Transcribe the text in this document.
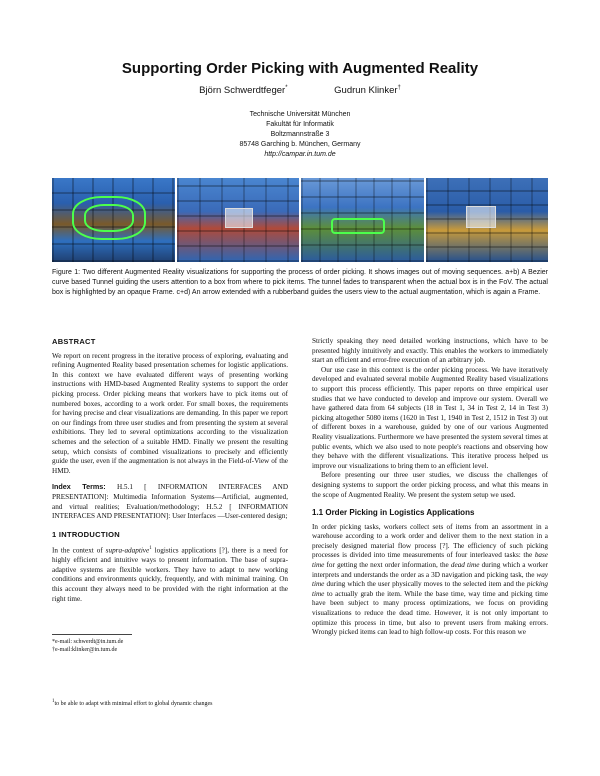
Supporting Order Picking with Augmented Reality
Björn Schwerdtfeger*	Gudrun Klinker†
Technische Universität München
Fakultät für Informatik
Boltzmannstraße 3
85748 Garching b. München, Germany
http://campar.in.tum.de
Figure 1: Two different Augmented Reality visualizations for supporting the process of order picking. It shows images out of moving sequences. a+b) A Bezier curve based Tunnel guiding the users attention to a box from where to pick items. The tunnel fades to transparent when the actual box is in the FoV. The actual box is highlighted by an opaque Frame. c+d) An arrow extended with a rubberband guides the users view to the actual augmentation, which is again a Frame.
ABSTRACT

We report on recent progress in the iterative process of exploring, evaluating and refining Augmented Reality based presentation schemes for logistic applications. In this context we have evaluated different ways of presenting working instructions with HMD-based Augmented Reality systems to support the order picking process. Order picking means that workers have to pick items out of numbered boxes, according to a work order. For small boxes, the requirements for having precise and clear visualizations are demanding. In this paper we report on our findings from three user studies and from presenting the system at several exhibitions. They led to several optimizations according to the visualization schemes and the selection of a suitable HMD. Finally we present the resulting setup, which consists of combined visualizations to precisely and efficiently guide the user, even if the augmentation is not always in the Field-of-View of the HMD.

Index Terms: H.5.1 [ INFORMATION INTERFACES AND PRESENTATION]: Multimedia Information Systems—Artificial, augmented, and virtual realities; Evaluation/methodology; H.5.2 [ INFORMATION INTERFACES AND PRESENTATION]: User Interfaces —User-centered design;

1 INTRODUCTION

In the context of supra-adaptive$^1$ logistics applications [?], there is a need for highly efficient and intuitive ways to present information. The base of supra-adaptive systems are flexible workers. They have to adapt to new working conditions and environments quickly, frequently, and with minimal training. On this account they always need to be provided with the right information at the right time.

*e-mail: schwerdt@in.tum.de
†e-mail:klinker@in.tum.de
$^1$to be able to adapt with minimal effort to global dynamic changes

Strictly speaking they need detailed working instructions, which have to be presented highly intuitively and exactly. This enables the workers to immediately start an efficient and error-free execution of an arbitrary job.

Our use case in this context is the order picking process. We have iteratively developed and evaluated several mobile Augmented Reality based visualizations to support this process efficiently. This paper reports on three empirical user studies that we have conducted to develop and improve our system. Overall we have gathered data from 64 subjects (18 in Test 1, 34 in Test 2, 14 in Test 3) picking altogether 5080 items (1620 in Test 1, 1940 in Test 2, 1512 in Test 3) out of different boxes in a warehouse, guided by one of our various Augmented Reality visualizations. Furthermore we have presented the system several times at public events, which we also used to note people's reactions and observing how they behave with the different visualizations. This iterative process helped us improve our visualizations to bring them to an efficient level.

Before presenting our three user studies, we discuss the challenges of designing systems to support the order picking process, and what this means in the scope of Augmented Reality. We present the system setup we used.

1.1 Order Picking in Logistics Applications

In order picking tasks, workers collect sets of items from an assortment in a warehouse according to a work order and deliver them to the next station in a precisely designed material flow process [?]. The efficiency of such picking processes is divided into time measurements of four interleaved tasks: the base time for getting the next order information, the dead time during which a worker interprets and understands the order as a 3D navigation and picking task, the way time during which the user physically moves to the selected item and the picking time to actually grab the item. While the base time, way time and picking time have been subject to many process optimizations, we focus on providing visualizations to reduce the dead time. However, it is not only important to optimize this process in time, but also to prevent users from making errors. Wrongly picked items can lead to high follow-up costs. For this reason we
